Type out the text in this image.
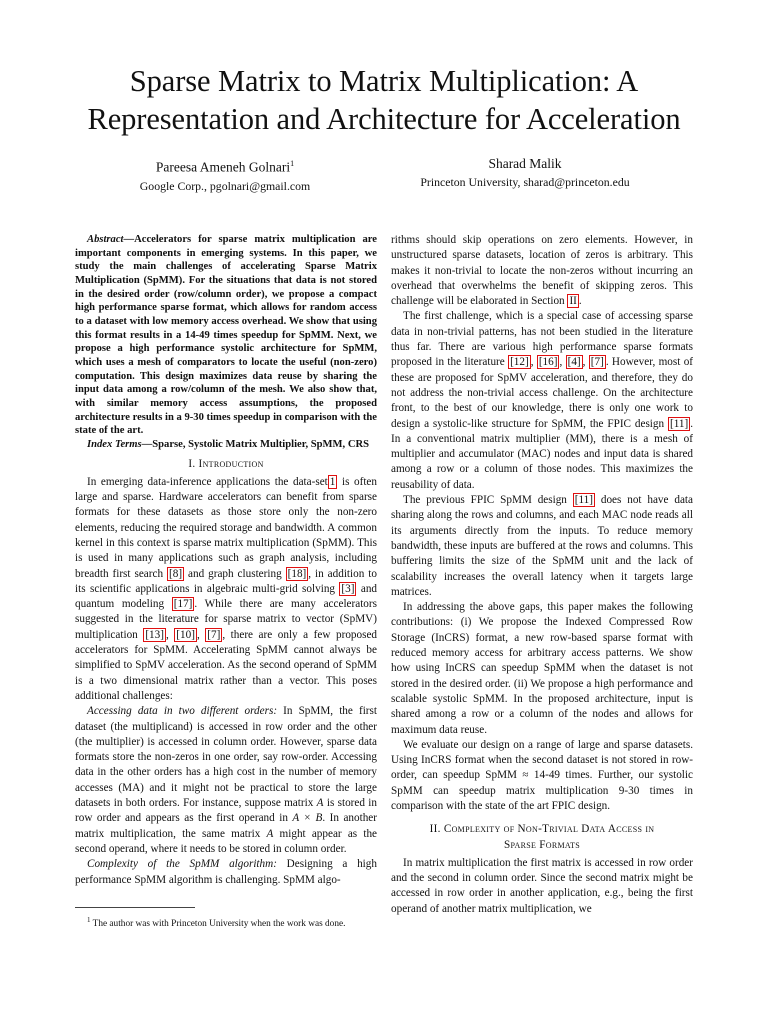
Sparse Matrix to Matrix Multiplication: A Representation and Architecture for Acceleration
Pareesa Ameneh Golnari$^1$
Google Corp., pgolnari@gmail.com
Sharad Malik
Princeton University, sharad@princeton.edu

Abstract—Accelerators for sparse matrix multiplication are important components in emerging systems. In this paper, we study the main challenges of accelerating Sparse Matrix Multiplication (SpMM). For the situations that data is not stored in the desired order (row/column order), we propose a compact high performance sparse format, which allows for random access to a dataset with low memory access overhead. We show that using this format results in a 14-49 times speedup for SpMM. Next, we propose a high performance systolic architecture for SpMM, which uses a mesh of comparators to locate the useful (non-zero) computation. This design maximizes data reuse by sharing the input data among a row/column of the mesh. We also show that, with similar memory access assumptions, the proposed architecture results in a 9-30 times speedup in comparison with the state of the art.

Index Terms—Sparse, Systolic Matrix Multiplier, SpMM, CRS

I. Introduction

In emerging data-inference applications the data-set 1 is often large and sparse. Hardware accelerators can benefit from sparse formats for these datasets as those store only the non-zero elements, reducing the required storage and bandwidth. A common kernel in this context is sparse matrix multiplication (SpMM). This is used in many applications such as graph analysis, including breadth first search [8] and graph clustering [18] , in addition to its scientific applications in algebraic multi-grid solving [3] and quantum modeling [17] . While there are many accelerators suggested in the literature for sparse matrix to vector (SpMV) multiplication [13] , [10] , [7] , there are only a few proposed accelerators for SpMM. Accelerating SpMM cannot always be simplified to SpMV acceleration. As the second operand of SpMM is a two dimensional matrix rather than a vector. This poses additional challenges:

Accessing data in two different orders: In SpMM, the first dataset (the multiplicand) is accessed in row order and the other (the multiplier) is accessed in column order. However, sparse data formats store the non-zeros in one order, say row-order. Accessing data in the other orders has a high cost in the number of memory accesses (MA) and it might not be practical to store the large datasets in both orders. For instance, suppose matrix A is stored in row order and appears as the first operand in A × B. In another matrix multiplication, the same matrix A might appear as the second operand, where it needs to be stored in column order.

Complexity of the SpMM algorithm: Designing a high performance SpMM algorithm is challenging. SpMM algo-

$^1$ The author was with Princeton University when the work was done.

rithms should skip operations on zero elements. However, in unstructured sparse datasets, location of zeros is arbitrary. This makes it non-trivial to locate the non-zeros without incurring an overhead that overwhelms the benefit of skipping zeros. This challenge will be elaborated in Section II .

The first challenge, which is a special case of accessing sparse data in non-trivial patterns, has not been studied in the literature thus far. There are various high performance sparse formats proposed in the literature [12] , [16] , [4] , [7] . However, most of these are proposed for SpMV acceleration, and therefore, they do not address the non-trivial access challenge. On the architecture front, to the best of our knowledge, there is only one work to design a systolic-like structure for SpMM, the FPIC design [11] . In a conventional matrix multiplier (MM), there is a mesh of multiplier and accumulator (MAC) nodes and input data is shared among a row or a column of those nodes. This maximizes the reusability of data.

The previous FPIC SpMM design [11] does not have data sharing along the rows and columns, and each MAC node reads all its arguments directly from the inputs. To reduce memory bandwidth, these inputs are buffered at the rows and columns. This buffering limits the size of the SpMM unit and the lack of scalability increases the overall latency when it targets large matrices.

In addressing the above gaps, this paper makes the following contributions: (i) We propose the Indexed Compressed Row Storage (InCRS) format, a new row-based sparse format with reduced memory access for arbitrary access patterns. We show how using InCRS can speedup SpMM when the dataset is not stored in the desired order. (ii) We propose a high performance and scalable systolic SpMM. In the proposed architecture, input is shared among a row or a column of the nodes and allows for maximum data reuse.

We evaluate our design on a range of large and sparse datasets. Using InCRS format when the second dataset is not stored in row-order, can speedup SpMM ≈ 14-49 times. Further, our systolic SpMM can speedup matrix multiplication 9-30 times in comparison with the state of the art FPIC design.

II. Complexity of Non-Trivial Data Access in
Sparse Formats

In matrix multiplication the first matrix is accessed in row order and the second in column order. Since the second matrix might be accessed in row order in another application, e.g., being the first operand of another matrix multiplication, we
